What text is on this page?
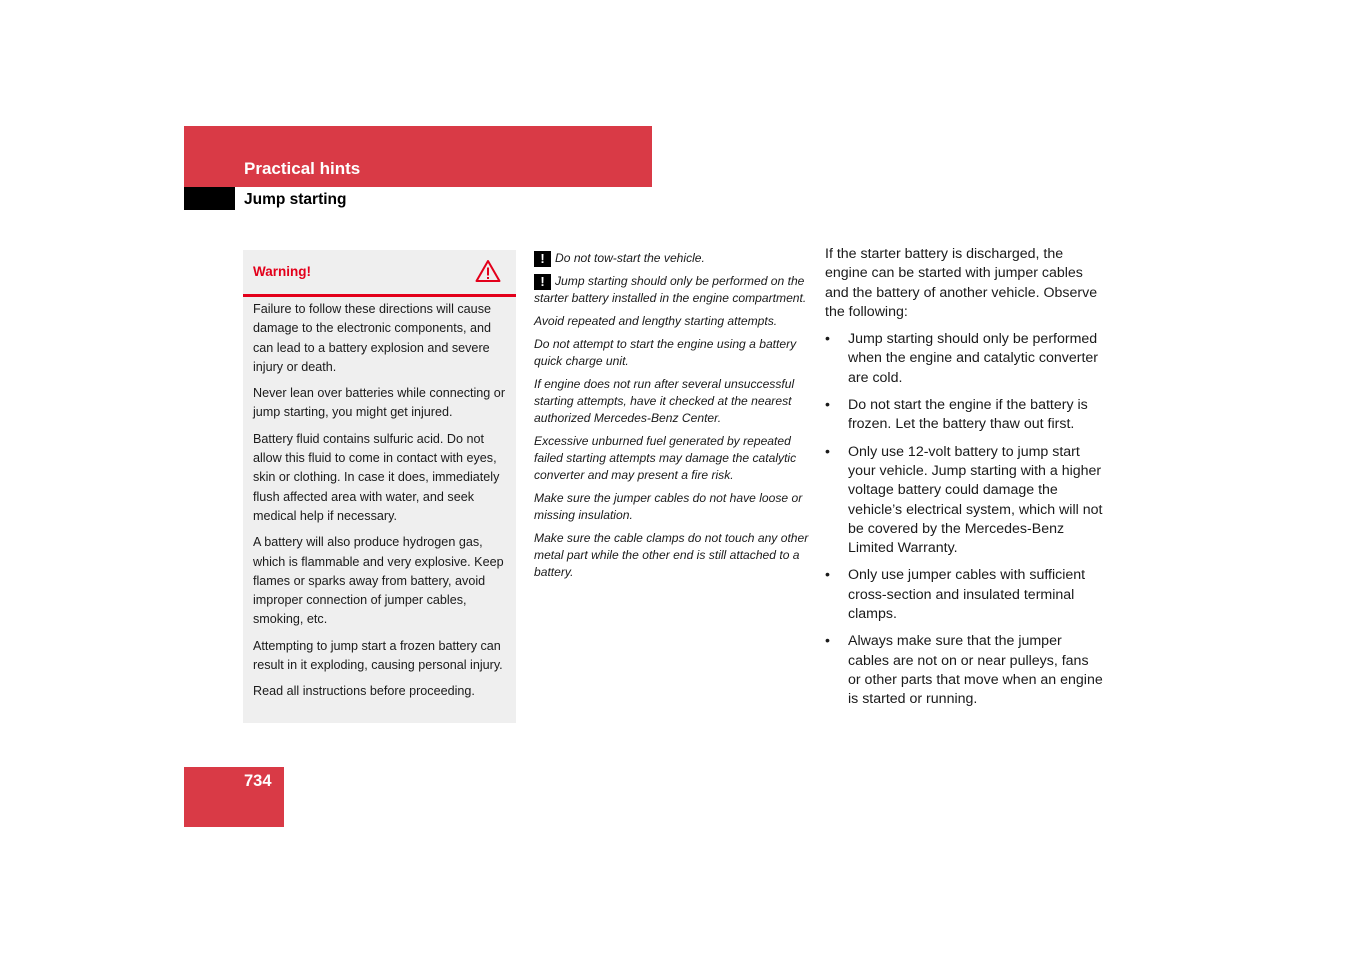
Practical hints
Jump starting
Warning!

Failure to follow these directions will cause damage to the electronic components, and can lead to a battery explosion and severe injury or death.

Never lean over batteries while connecting or jump starting, you might get injured.

Battery fluid contains sulfuric acid. Do not allow this fluid to come in contact with eyes, skin or clothing. In case it does, immediately flush affected area with water, and seek medical help if necessary.

A battery will also produce hydrogen gas, which is flammable and very explosive. Keep flames or sparks away from battery, avoid improper connection of jumper cables, smoking, etc.

Attempting to jump start a frozen battery can result in it exploding, causing personal injury.

Read all instructions before proceeding.

! Do not tow-start the vehicle.

! Jump starting should only be performed on the starter battery installed in the engine compartment.

Avoid repeated and lengthy starting attempts.

Do not attempt to start the engine using a battery quick charge unit.

If engine does not run after several unsuccessful starting attempts, have it checked at the nearest authorized Mercedes-Benz Center.

Excessive unburned fuel generated by repeated failed starting attempts may damage the catalytic converter and may present a fire risk.

Make sure the jumper cables do not have loose or missing insulation.

Make sure the cable clamps do not touch any other metal part while the other end is still attached to a battery.

If the starter battery is discharged, the engine can be started with jumper cables and the battery of another vehicle. Observe the following:

• Jump starting should only be performed when the engine and catalytic converter are cold.
• Do not start the engine if the battery is frozen. Let the battery thaw out first.
• Only use 12-volt battery to jump start your vehicle. Jump starting with a higher voltage battery could damage the vehicle’s electrical system, which will not be covered by the Mercedes-Benz Limited Warranty.
• Only use jumper cables with sufficient cross-section and insulated terminal clamps.
• Always make sure that the jumper cables are not on or near pulleys, fans or other parts that move when an engine is started or running.
734
